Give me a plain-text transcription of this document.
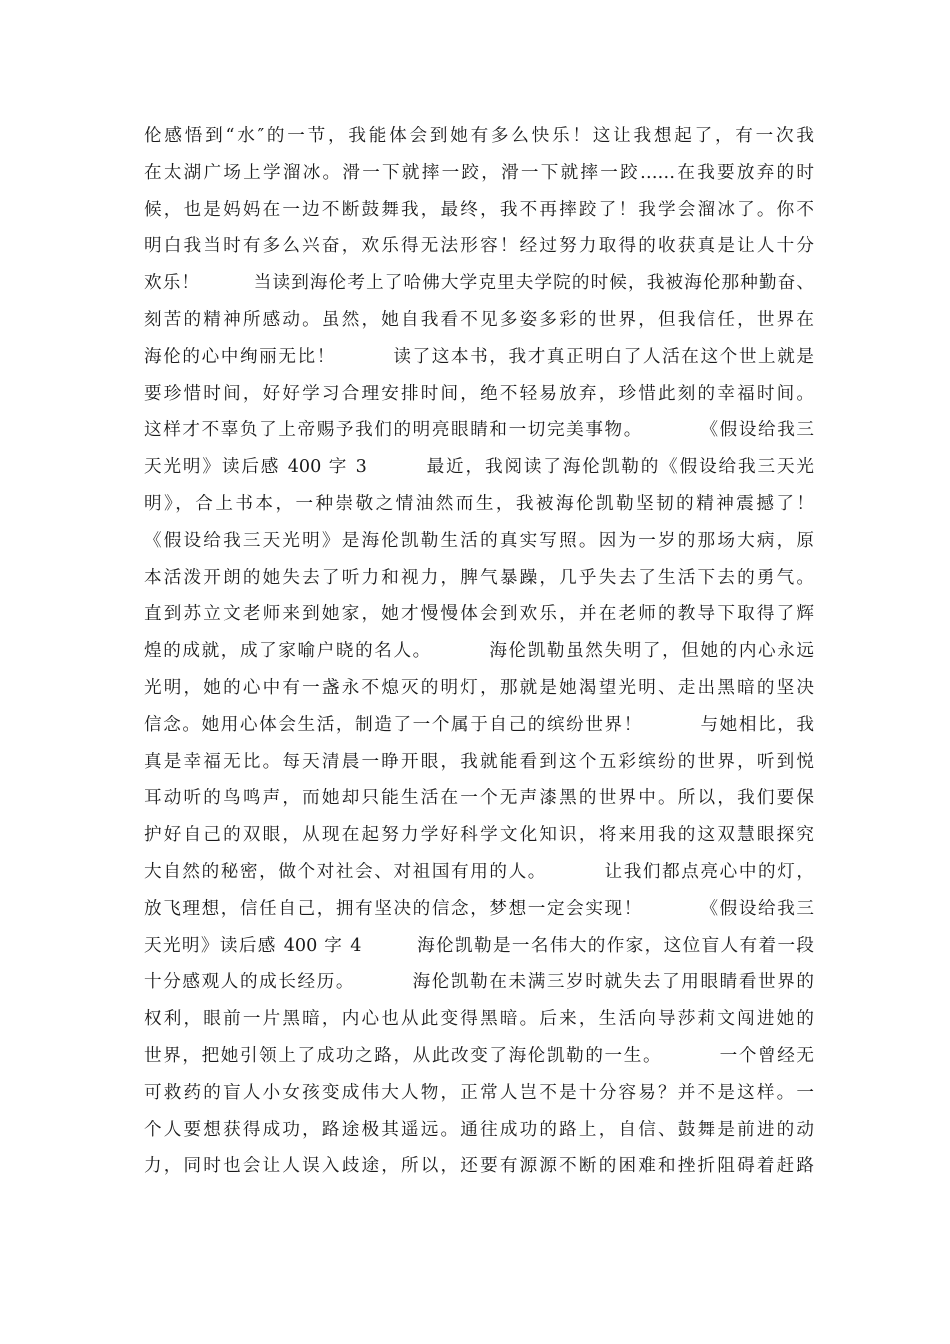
伦感悟到“水″的一节，我能体会到她有多么快乐！这让我想起了，有一次我
在太湖广场上学溜冰。滑一下就摔一跤，滑一下就摔一跤……在我要放弃的时
候，也是妈妈在一边不断鼓舞我，最终，我不再摔跤了！我学会溜冰了。你不
明白我当时有多么兴奋，欢乐得无法形容！经过努力取得的收获真是让人十分
欢乐！        当读到海伦考上了哈佛大学克里夫学院的时候，我被海伦那种勤奋、
刻苦的精神所感动。虽然，她自我看不见多姿多彩的世界，但我信任，世界在
海伦的心中绚丽无比！        读了这本书，我才真正明白了人活在这个世上就是
要珍惜时间，好好学习合理安排时间，绝不轻易放弃，珍惜此刻的幸福时间。
这样才不辜负了上帝赐予我们的明亮眼睛和一切完美事物。        《假设给我三
天光明》读后感 400 字 3        最近，我阅读了海伦凯勒的《假设给我三天光
明》，合上书本，一种崇敬之情油然而生，我被海伦凯勒坚韧的精神震撼了！
《假设给我三天光明》是海伦凯勒生活的真实写照。因为一岁的那场大病，原
本活泼开朗的她失去了听力和视力，脾气暴躁，几乎失去了生活下去的勇气。
直到苏立文老师来到她家，她才慢慢体会到欢乐，并在老师的教导下取得了辉
煌的成就，成了家喻户晓的名人。        海伦凯勒虽然失明了，但她的内心永远
光明，她的心中有一盏永不熄灭的明灯，那就是她渴望光明、走出黑暗的坚决
信念。她用心体会生活，制造了一个属于自己的缤纷世界！        与她相比，我
真是幸福无比。每天清晨一睁开眼，我就能看到这个五彩缤纷的世界，听到悦
耳动听的鸟鸣声，而她却只能生活在一个无声漆黑的世界中。所以，我们要保
护好自己的双眼，从现在起努力学好科学文化知识，将来用我的这双慧眼探究
大自然的秘密，做个对社会、对祖国有用的人。        让我们都点亮心中的灯，
放飞理想，信任自己，拥有坚决的信念，梦想一定会实现！        《假设给我三
天光明》读后感 400 字 4        海伦凯勒是一名伟大的作家，这位盲人有着一段
十分感观人的成长经历。        海伦凯勒在未满三岁时就失去了用眼睛看世界的
权利，眼前一片黑暗，内心也从此变得黑暗。后来，生活向导莎莉文闯进她的
世界，把她引领上了成功之路，从此改变了海伦凯勒的一生。        一个曾经无
可救药的盲人小女孩变成伟大人物，正常人岂不是十分容易？并不是这样。一
个人要想获得成功，路途极其遥远。通往成功的路上，自信、鼓舞是前进的动
力，同时也会让人误入歧途，所以，还要有源源不断的困难和挫折阻碍着赶路
